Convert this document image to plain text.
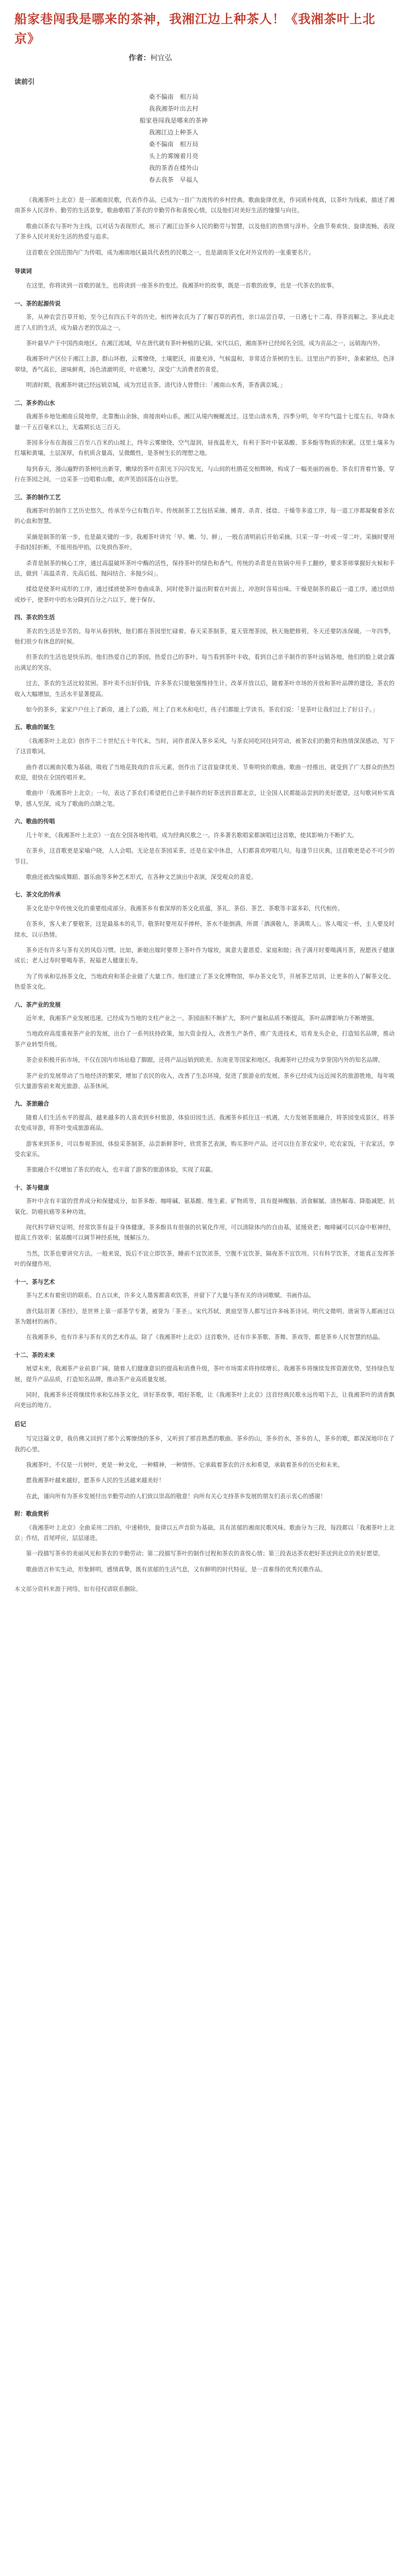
船家巷闯我是哪来的茶神，我湘江边上种茶人！《我湘茶叶上北京》

作者：柯宜弘

读前引
桑不偏南　相万局
我我湘茶叶出去村
船家巷闯我是哪来的茶神
我湘江边上种茶人
桑不偏南　相万局
头上的雾缠着月亮
我的茶香在楼外山
春去我茶　早福人

《我湘茶叶上北京》是一部湘南民歌，代表作作品，已成为一首广为流传的乡村经典。歌曲旋律优美，作词质朴纯真，以茶叶为线索，描述了湘南茶乡人民淳朴、勤劳的生活景象，歌曲歌唱了茶农的辛勤劳作和喜悦心情，以及他们对美好生活的憧憬与向往。

歌曲以茶农与茶叶为主线，以对话为表现形式，展示了湘江边茶乡人民的勤劳与智慧，以及他们的热情与淳朴。全曲节奏欢快、旋律流畅，表现了茶乡人民对美好生活的热爱与追求。

这首歌在全国范围内广为传唱，成为湘南地区最具代表性的民歌之一，也是湖南茶文化对外宣传的一张重要名片。

导读词

在这里，你将读到一首歌的诞生，也将读到一座茶乡的变迁。我湘茶叶的故事，既是一首歌的故事，也是一代茶农的故事。

一、茶的起源传说

茶，从神农尝百草开始，至今已有四五千年的历史。相传神农氏为了了解百草的药性，亲口品尝百草，一日遇七十二毒，得茶而解之。茶从此走进了人们的生活，成为最古老的饮品之一。

茶叶最早产于中国西南地区。在湘江流域，早在唐代就有茶叶种植的记载。宋代以后，湘南茶叶已经闻名全国，成为贡品之一，远销海内外。

我湘茶叶产区位于湘江上游，群山环抱，云雾缭绕，土壤肥沃，雨量充沛，气候温和，非常适合茶树的生长。这里出产的茶叶，条索紧结，色泽翠绿，香气高长，滋味鲜爽，汤色清澈明亮，叶底嫩匀，深受广大消费者的喜爱。

明清时期，我湘茶叶就已经远销京城，成为宫廷贡茶。清代诗人曾赞曰：「湘南山水秀，茶香满京城。」

二、茶乡的山水

我湘茶乡地处湘南丘陵地带，北靠衡山余脉，南接南岭山系，湘江从境内蜿蜒流过。这里山清水秀，四季分明，年平均气温十七度左右，年降水量一千五百毫米以上，无霜期长达三百天。

茶园多分布在海拔三百至八百米的山坡上，终年云雾缭绕，空气湿润，昼夜温差大，有利于茶叶中氨基酸、茶多酚等物质的积累。这里土壤多为红壤和黄壤，土层深厚，有机质含量高，呈微酸性，是茶树生长的理想之地。

每到春天，漫山遍野的茶树吐出新芽，嫩绿的茶叶在阳光下闪闪发光，与山间的杜鹃花交相辉映，构成了一幅美丽的画卷。茶农们背着竹篓，穿行在茶园之间，一边采茶一边唱着山歌，欢声笑语回荡在山谷里。

三、茶的制作工艺

我湘茶叶的制作工艺历史悠久，传承至今已有数百年。传统制茶工艺包括采摘、摊青、杀青、揉捻、干燥等多道工序，每一道工序都凝聚着茶农的心血和智慧。

采摘是制茶的第一步，也是最关键的一步。我湘茶叶讲究「早、嫩、匀、鲜」，一般在清明前后开始采摘，只采一芽一叶或一芽二叶。采摘时要用手指轻轻折断，不能用指甲掐，以免损伤茶叶。

杀青是制茶的核心工序，通过高温破坏茶叶中酶的活性，保持茶叶的绿色和香气。传统的杀青是在铁锅中用手工翻炒，要求茶师掌握好火候和手法，做到「高温杀青、先高后低、抛闷结合、多抛少闷」。

揉捻是使茶叶成形的工序，通过揉搓使茶叶卷曲成条，同时使茶汁溢出附着在叶面上，冲泡时容易出味。干燥是制茶的最后一道工序，通过烘焙或炒干，使茶叶中的水分降到百分之六以下，便于保存。

四、茶农的生活

茶农的生活是辛苦的。每年从春到秋，他们都在茶园里忙碌着。春天采茶制茶，夏天管理茶园，秋天施肥修剪，冬天还要防冻保暖。一年四季，他们很少有休息的时候。

但茶农的生活也是快乐的。他们热爱自己的茶园，热爱自己的茶叶。每当看到茶叶丰收，看到自己亲手制作的茶叶远销各地，他们的脸上就会露出满足的笑容。

过去，茶农的生活比较贫困。茶叶卖不出好价钱，许多茶农只能勉强维持生计。改革开放以后，随着茶叶市场的开放和茶叶品牌的建设，茶农的收入大幅增加，生活水平显著提高。

如今的茶乡，家家户户住上了新房，通上了公路，用上了自来水和电灯，孩子们都能上学读书。茶农们说：「是茶叶让我们过上了好日子。」

五、歌曲的诞生

《我湘茶叶上北京》创作于二十世纪五十年代末。当时，词作者深入茶乡采风，与茶农同吃同住同劳动，被茶农们的勤劳和热情深深感动，写下了这首歌词。

曲作者以湘南民歌为基础，吸收了当地花鼓戏的音乐元素，创作出了这首旋律优美、节奏明快的歌曲。歌曲一经推出，就受到了广大群众的热烈欢迎，很快在全国传唱开来。

歌曲中「我湘茶叶上北京」一句，表达了茶农们希望把自己亲手制作的好茶送到首都北京，让全国人民都能品尝到的美好愿望。这句歌词朴实真挚，感人至深，成为了歌曲的点睛之笔。

六、歌曲的传唱

几十年来，《我湘茶叶上北京》一直在全国各地传唱，成为经典民歌之一。许多著名歌唱家都演唱过这首歌，使其影响力不断扩大。

在茶乡，这首歌更是家喻户晓，人人会唱。无论是在茶园采茶，还是在家中休息，人们都喜欢哼唱几句。每逢节日庆典，这首歌更是必不可少的节目。

歌曲还被改编成舞蹈、器乐曲等多种艺术形式，在各种文艺演出中表演，深受观众的喜爱。

七、茶文化的传承

茶文化是中华传统文化的重要组成部分。我湘茶乡有着深厚的茶文化底蕴，茶礼、茶俗、茶艺、茶歌等丰富多彩，代代相传。

在茶乡，客人来了要敬茶，这是最基本的礼节。敬茶时要用双手捧杯，茶水不能倒满，所谓「酒满敬人，茶满欺人」。客人喝完一杯，主人要及时续水，以示热情。

茶乡还有许多与茶有关的风俗习惯。比如，新娘出嫁时要带上茶叶作为嫁妆，寓意夫妻恩爱、家庭和睦；孩子满月时要喝满月茶，祝愿孩子健康成长；老人过寿时要喝寿茶，祝福老人健康长寿。

为了传承和弘扬茶文化，当地政府和茶企业做了大量工作。他们建立了茶文化博物馆，举办茶文化节，开展茶艺培训，让更多的人了解茶文化、热爱茶文化。

八、茶产业的发展

近年来，我湘茶产业发展迅速，已经成为当地的支柱产业之一。茶园面积不断扩大，茶叶产量和品质不断提高，茶叶品牌影响力不断增强。

当地政府高度重视茶产业的发展，出台了一系列扶持政策，加大资金投入，改善生产条件，推广先进技术，培育龙头企业，打造知名品牌，推动茶产业转型升级。

茶企业积极开拓市场，不仅在国内市场站稳了脚跟，还将产品远销到欧美、东南亚等国家和地区。我湘茶叶已经成为享誉国内外的知名品牌。

茶产业的发展带动了当地经济的繁荣，增加了农民的收入，改善了生态环境，促进了旅游业的发展。茶乡已经成为远近闻名的旅游胜地，每年吸引大量游客前来观光旅游、品茶休闲。

九、茶旅融合

随着人们生活水平的提高，越来越多的人喜欢到乡村旅游，体验田园生活。我湘茶乡抓住这一机遇，大力发展茶旅融合，将茶园变成景区，将茶农变成导游，将茶叶变成旅游商品。

游客来到茶乡，可以参观茶园，体验采茶制茶，品尝新鲜茶叶，欣赏茶艺表演，购买茶叶产品。还可以住在茶农家中，吃农家饭，干农家活，享受农家乐。

茶旅融合不仅增加了茶农的收入，也丰富了游客的旅游体验，实现了双赢。

十、茶与健康

茶叶中含有丰富的营养成分和保健成分，如茶多酚、咖啡碱、氨基酸、维生素、矿物质等，具有提神醒脑、消食解腻、清热解毒、降脂减肥、抗氧化、防癌抗癌等多种功效。

现代科学研究证明，经常饮茶有益于身体健康。茶多酚具有很强的抗氧化作用，可以清除体内的自由基，延缓衰老；咖啡碱可以兴奋中枢神经，提高工作效率；氨基酸可以调节神经系统，缓解压力。

当然，饮茶也要讲究方法。一般来说，饭后不宜立即饮茶，睡前不宜饮浓茶，空腹不宜饮茶，隔夜茶不宜饮用。只有科学饮茶，才能真正发挥茶叶的保健作用。

十一、茶与艺术

茶与艺术有着密切的联系。自古以来，许多文人墨客都喜欢饮茶，并留下了大量与茶有关的诗词歌赋、书画作品。

唐代陆羽著《茶经》，是世界上第一部茶学专著，被誉为「茶圣」。宋代苏轼、黄庭坚等人都写过许多咏茶诗词。明代文徵明、唐寅等人都画过以茶为题材的画作。

在我湘茶乡，也有许多与茶有关的艺术作品。除了《我湘茶叶上北京》这首歌外，还有许多茶歌、茶舞、茶戏等，都是茶乡人民智慧的结晶。

十二、茶的未来

展望未来，我湘茶产业前景广阔。随着人们健康意识的提高和消费升级，茶叶市场需求将持续增长。我湘茶乡将继续发挥资源优势，坚持绿色发展，提升产品品质，打造知名品牌，推动茶产业高质量发展。

同时，我湘茶乡还将继续传承和弘扬茶文化，讲好茶故事，唱好茶歌，让《我湘茶叶上北京》这首经典民歌永远传唱下去，让我湘茶叶的清香飘向更远的地方。

后记

写完这篇文章，我仿佛又回到了那个云雾缭绕的茶乡，又听到了那首熟悉的歌曲。茶乡的山，茶乡的水，茶乡的人，茶乡的歌，都深深地印在了我的心里。

我湘茶叶，不仅是一片树叶，更是一种文化，一种精神，一种情怀。它承载着茶农的汗水和希望，承载着茶乡的历史和未来。

愿我湘茶叶越来越好，愿茶乡人民的生活越来越美好！

在此，谨向所有为茶乡发展付出辛勤劳动的人们致以崇高的敬意！向所有关心支持茶乡发展的朋友们表示衷心的感谢！

附：歌曲赏析

《我湘茶叶上北京》全曲采用二四拍，中速稍快，旋律以五声音阶为基础，具有浓郁的湘南民歌风味。歌曲分为三段，每段都以「我湘茶叶上北京」作结，首尾呼应，层层递进。

第一段描写茶乡的美丽风光和茶农的辛勤劳动；第二段描写茶叶的制作过程和茶农的喜悦心情；第三段表达茶农把好茶送到北京的美好愿望。

歌曲语言朴实生动，形象鲜明，感情真挚，既有浓郁的生活气息，又有鲜明的时代特征，是一首难得的优秀民歌作品。

本文部分资料来源于网络，如有侵权请联系删除。
